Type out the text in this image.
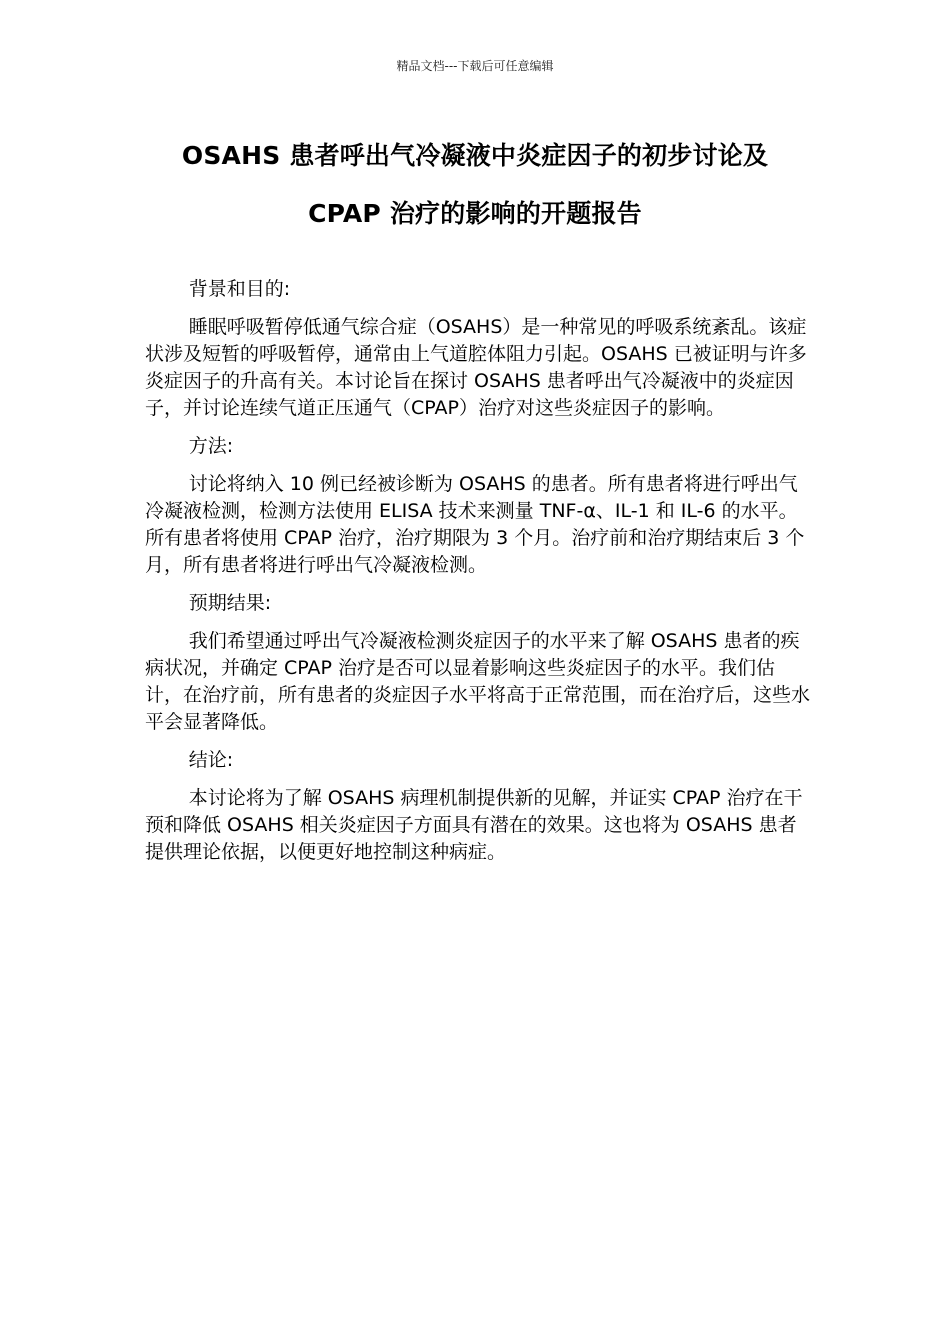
精品文档---下载后可任意编辑
OSAHS 患者呼出气冷凝液中炎症因子的初步讨论及
CPAP 治疗的影响的开题报告

背景和目的:

睡眠呼吸暂停低通气综合症（OSAHS）是一种常见的呼吸系统紊乱。该症状涉及短暂的呼吸暂停，通常由上气道腔体阻力引起。OSAHS 已被证明与许多炎症因子的升高有关。本讨论旨在探讨 OSAHS 患者呼出气冷凝液中的炎症因子，并讨论连续气道正压通气（CPAP）治疗对这些炎症因子的影响。

方法:

讨论将纳入 10 例已经被诊断为 OSAHS 的患者。所有患者将进行呼出气冷凝液检测，检测方法使用 ELISA 技术来测量 TNF-α、IL-1 和 IL-6 的水平。所有患者将使用 CPAP 治疗，治疗期限为 3 个月。治疗前和治疗期结束后 3 个月，所有患者将进行呼出气冷凝液检测。

预期结果:

我们希望通过呼出气冷凝液检测炎症因子的水平来了解 OSAHS 患者的疾病状况，并确定 CPAP 治疗是否可以显着影响这些炎症因子的水平。我们估计，在治疗前，所有患者的炎症因子水平将高于正常范围，而在治疗后，这些水平会显著降低。

结论:

本讨论将为了解 OSAHS 病理机制提供新的见解，并证实 CPAP 治疗在干预和降低 OSAHS 相关炎症因子方面具有潜在的效果。这也将为 OSAHS 患者提供理论依据，以便更好地控制这种病症。
